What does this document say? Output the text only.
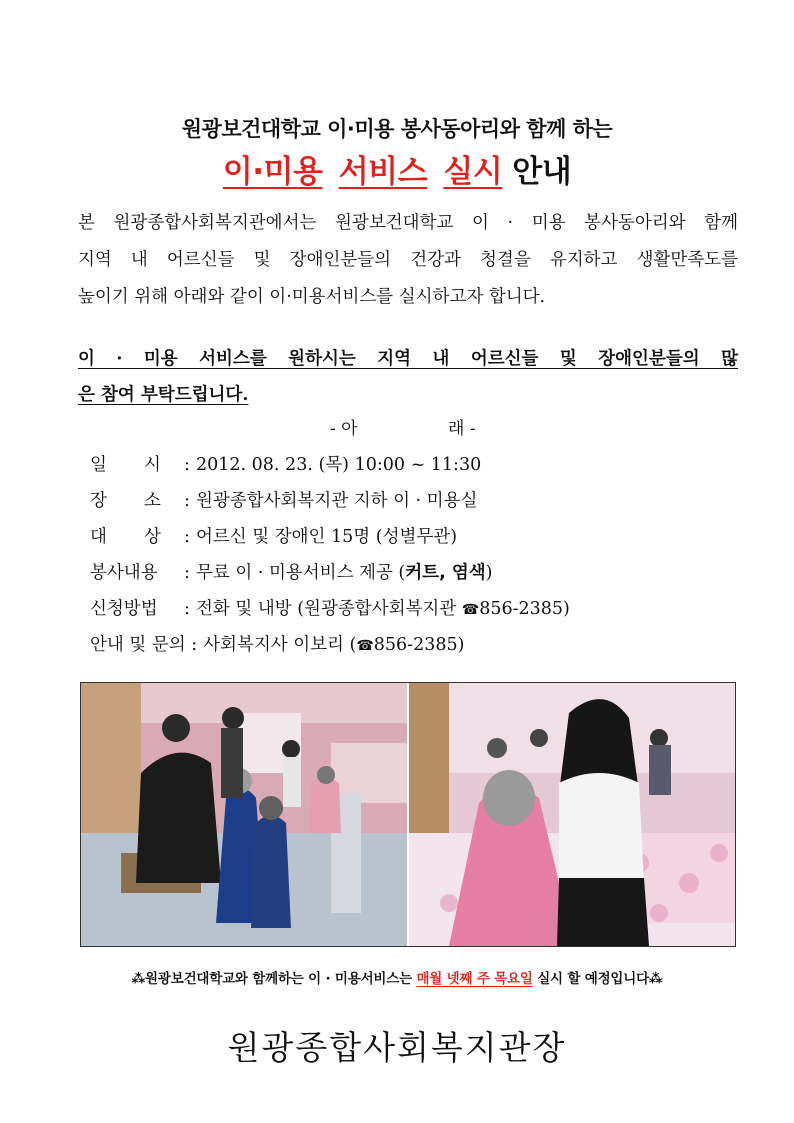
원광보건대학교 이·미용 봉사동아리와 함께 하는
이·미용 서비스 실시 안내
본 원광종합사회복지관에서는 원광보건대학교 이 · 미용 봉사동아리와 함께
지역 내 어르신들 및 장애인분들의 건강과 청결을 유지하고 생활만족도를
높이기 위해 아래와 같이 이·미용서비스를 실시하고자 합니다.
이 · 미용 서비스를 원하시는 지역 내 어르신들 및 장애인분들의 많
은 참여 부탁드립니다.
- 아	래 -
일 시 : 2012. 08. 23. (목) 10:00 ~ 11:30
장 소 : 원광종합사회복지관 지하 이 · 미용실
대 상 : 어르신 및 장애인 15명 (성별무관)
봉사내용 : 무료 이 · 미용서비스 제공 (커트, 염색)
신청방법 : 전화 및 내방 (원광종합사회복지관 ☎856-2385)
안내 및 문의 : 사회복지사 이보리 (☎856-2385)
⁂원광보건대학교와 함께하는 이 · 미용서비스는 매월 넷째 주 목요일 실시 할 예정입니다⁂
원광종합사회복지관장
